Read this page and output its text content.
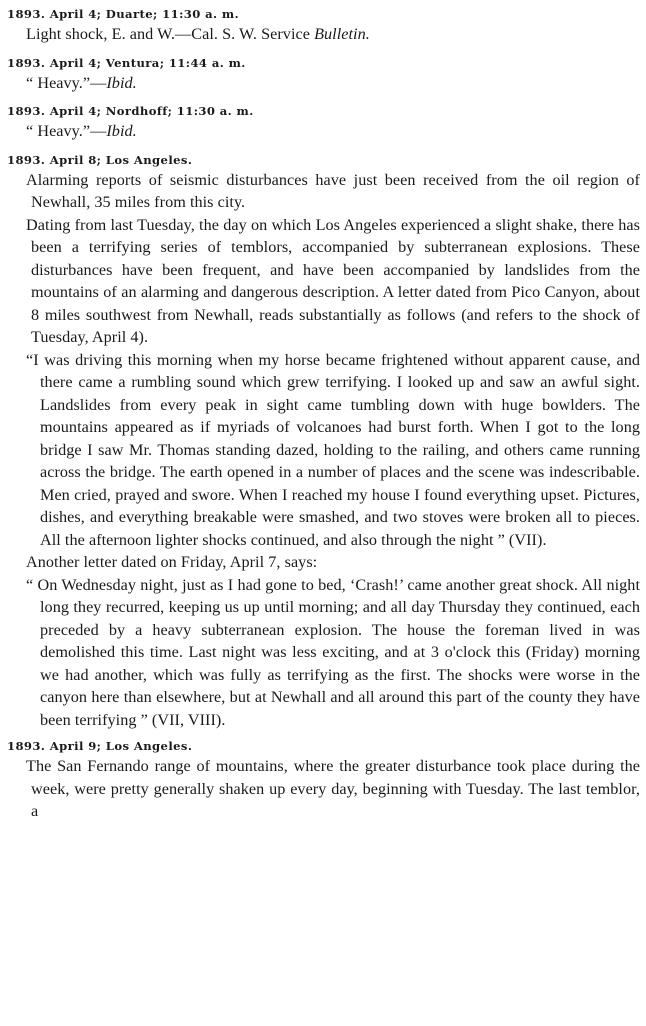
1893. April 4; Duarte; 11:30 a. m.

Light shock, E. and W.—Cal. S. W. Service Bulletin.

1893. April 4; Ventura; 11:44 a. m.

“ Heavy.”—Ibid.

1893. April 4; Nordhoff; 11:30 a. m.

“ Heavy.”—Ibid.

1893. April 8; Los Angeles.

Alarming reports of seismic disturbances have just been received from the oil region of Newhall, 35 miles from this city.

Dating from last Tuesday, the day on which Los Angeles experienced a slight shake, there has been a terrifying series of temblors, accompanied by subterranean explosions. These disturbances have been frequent, and have been accompanied by landslides from the mountains of an alarming and dangerous description. A letter dated from Pico Canyon, about 8 miles southwest from Newhall, reads substantially as follows (and refers to the shock of Tuesday, April 4).

“I was driving this morning when my horse became frightened without apparent cause, and there came a rumbling sound which grew terrifying. I looked up and saw an awful sight. Landslides from every peak in sight came tumbling down with huge bowlders. The mountains appeared as if myriads of volcanoes had burst forth. When I got to the long bridge I saw Mr. Thomas standing dazed, holding to the railing, and others came running across the bridge. The earth opened in a number of places and the scene was indescribable. Men cried, prayed and swore. When I reached my house I found everything upset. Pictures, dishes, and everything breakable were smashed, and two stoves were broken all to pieces. All the afternoon lighter shocks continued, and also through the night ” (VII).

Another letter dated on Friday, April 7, says:

“ On Wednesday night, just as I had gone to bed, ‘Crash!’ came another great shock. All night long they recurred, keeping us up until morning; and all day Thursday they continued, each preceded by a heavy subterranean explosion. The house the foreman lived in was demolished this time. Last night was less exciting, and at 3 o'clock this (Friday) morning we had another, which was fully as terrifying as the first. The shocks were worse in the canyon here than elsewhere, but at Newhall and all around this part of the county they have been terrifying ” (VII, VIII).

1893. April 9; Los Angeles.

The San Fernando range of mountains, where the greater disturbance took place during the week, were pretty generally shaken up every day, beginning with Tuesday. The last temblor, a
